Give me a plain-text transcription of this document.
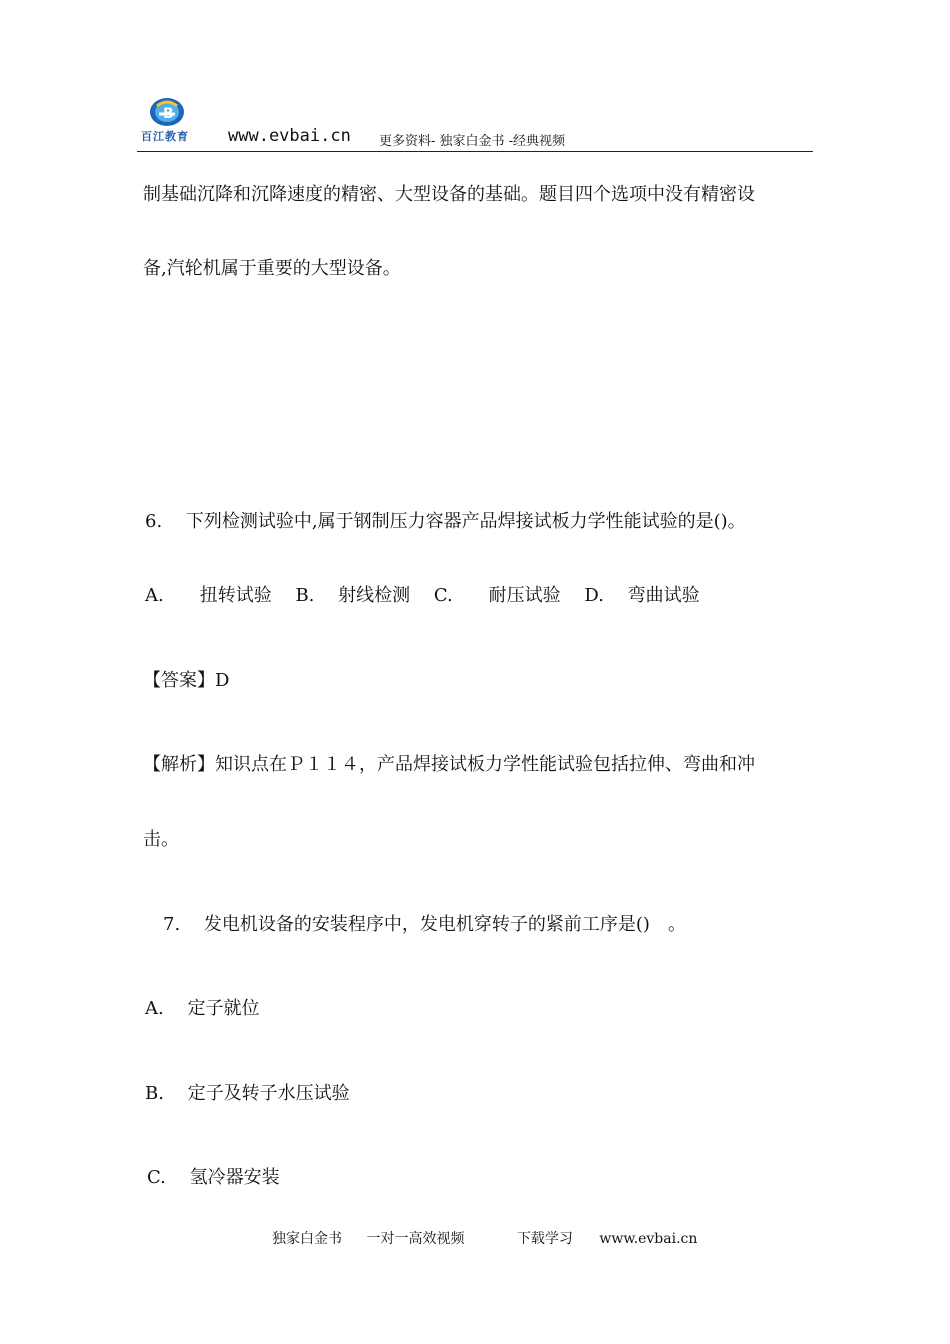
B
百江教育 www.evbai.cn 更多资料- 独家白金书 -经典视频
制基础沉降和沉降速度的精密、大型设备的基础。题目四个选项中没有精密设
备,汽轮机属于重要的大型设备。
6.　 下列检测试验中,属于钢制压力容器产品焊接试板力学性能试验的是()。
A.　　扭转试验　 B.　 射线检测　 C.　　耐压试验　 D.　 弯曲试验
【答案】D
【解析】知识点在Ｐ１１４，产品焊接试板力学性能试验包括拉伸、弯曲和冲
击。
7.　 发电机设备的安装程序中，发电机穿转子的紧前工序是()　。
A.　 定子就位
B.　 定子及转子水压试验
C.　 氢冷器安装
独家白金书 一对一高效视频	下载学习 www.evbai.cn
